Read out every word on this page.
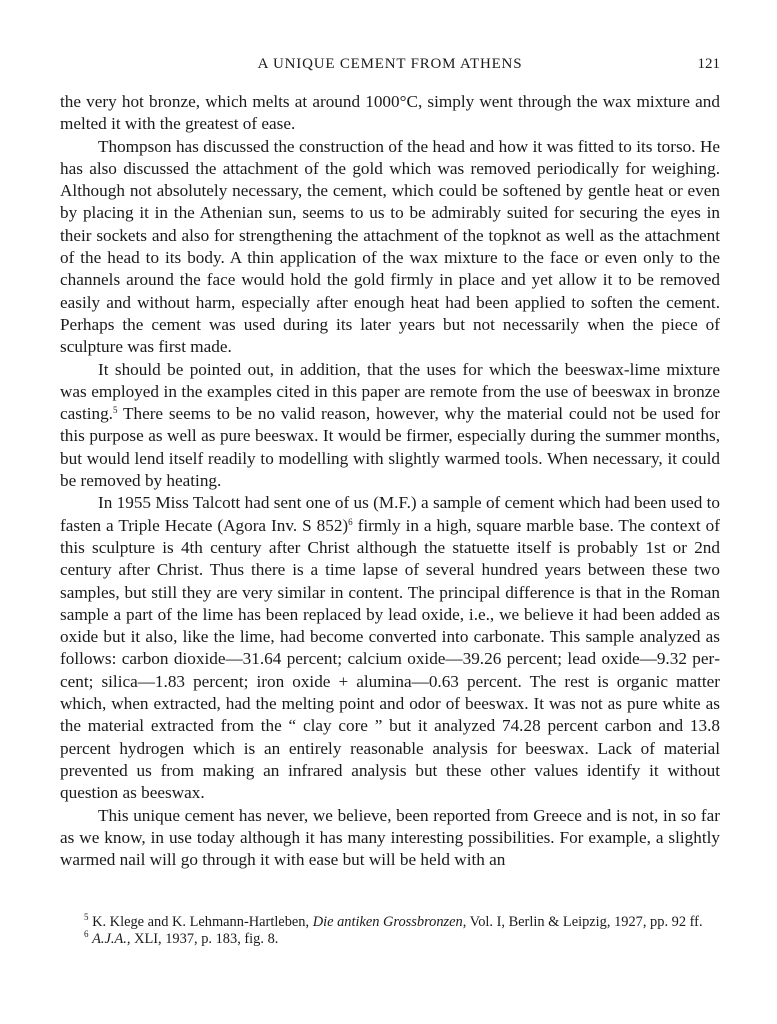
A UNIQUE CEMENT FROM ATHENS	121

the very hot bronze, which melts at around 1000°C, simply went through the wax mixture and melted it with the greatest of ease.

Thompson has discussed the construction of the head and how it was fitted to its torso. He has also discussed the attachment of the gold which was removed periodically for weighing. Although not absolutely necessary, the cement, which could be softened by gentle heat or even by placing it in the Athenian sun, seems to us to be admirably suited for securing the eyes in their sockets and also for strengthening the attachment of the topknot as well as the attachment of the head to its body. A thin application of the wax mixture to the face or even only to the channels around the face would hold the gold firmly in place and yet allow it to be removed easily and without harm, especially after enough heat had been applied to soften the cement. Perhaps the cement was used during its later years but not necessarily when the piece of sculpture was first made.

It should be pointed out, in addition, that the uses for which the beeswax-lime mixture was employed in the examples cited in this paper are remote from the use of beeswax in bronze casting.$^5$ There seems to be no valid reason, however, why the material could not be used for this purpose as well as pure beeswax. It would be firmer, especially during the summer months, but would lend itself readily to modelling with slightly warmed tools. When necessary, it could be removed by heating.

In 1955 Miss Talcott had sent one of us (M.F.) a sample of cement which had been used to fasten a Triple Hecate (Agora Inv. S 852)$^6$ firmly in a high, square marble base. The context of this sculpture is 4th century after Christ although the statuette itself is probably 1st or 2nd century after Christ. Thus there is a time lapse of several hundred years between these two samples, but still they are very similar in content. The principal difference is that in the Roman sample a part of the lime has been replaced by lead oxide, i.e., we believe it had been added as oxide but it also, like the lime, had become converted into carbonate. This sample analyzed as follows: carbon dioxide—31.64 percent; calcium oxide—39.26 percent; lead oxide—9.32 percent; silica—1.83 percent; iron oxide + alumina—0.63 percent. The rest is organic matter which, when extracted, had the melting point and odor of beeswax. It was not as pure white as the material extracted from the “ clay core ” but it analyzed 74.28 percent carbon and 13.8 percent hydrogen which is an entirely reasonable analysis for beeswax. Lack of material prevented us from making an infrared analysis but these other values identify it without question as beeswax.

This unique cement has never, we believe, been reported from Greece and is not, in so far as we know, in use today although it has many interesting possibilities. For example, a slightly warmed nail will go through it with ease but will be held with an

$^5$ K. Klege and K. Lehmann-Hartleben, Die antiken Grossbronzen, Vol. I, Berlin & Leipzig, 1927, pp. 92 ff.

$^6$ A.J.A., XLI, 1937, p. 183, fig. 8.
